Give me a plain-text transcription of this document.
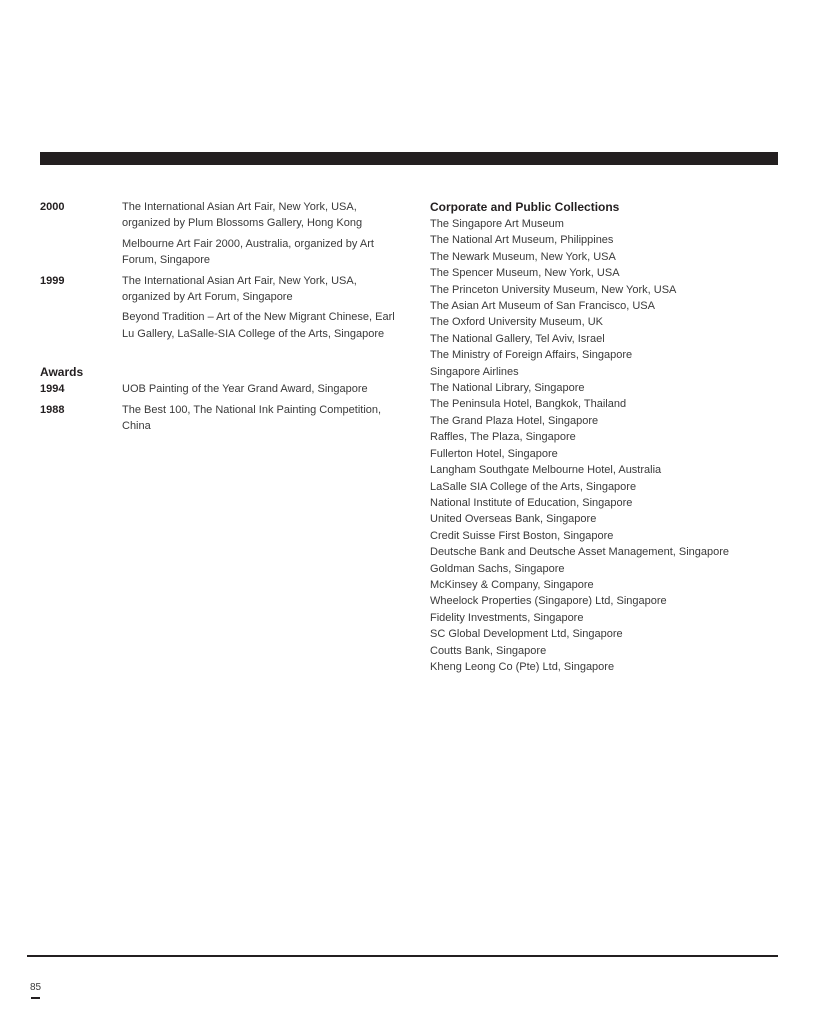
2000	The International Asian Art Fair, New York, USA, organized by Plum Blossoms Gallery, Hong Kong
Melbourne Art Fair 2000, Australia, organized by Art Forum, Singapore
1999	The International Asian Art Fair, New York, USA, organized by Art Forum, Singapore
Beyond Tradition – Art of the New Migrant Chinese, Earl Lu Gallery, LaSalle-SIA College of the Arts, Singapore
Awards
1994	UOB Painting of the Year Grand Award, Singapore
1988	The Best 100, The National Ink Painting Competition, China
Corporate and Public Collections
The Singapore Art Museum
The National Art Museum, Philippines
The Newark Museum, New York, USA
The Spencer Museum, New York, USA
The Princeton University Museum, New York, USA
The Asian Art Museum of San Francisco, USA
The Oxford University Museum, UK
The National Gallery, Tel Aviv, Israel
The Ministry of Foreign Affairs, Singapore
Singapore Airlines
The National Library, Singapore
The Peninsula Hotel, Bangkok, Thailand
The Grand Plaza Hotel, Singapore
Raffles, The Plaza, Singapore
Fullerton Hotel, Singapore
Langham Southgate Melbourne Hotel, Australia
LaSalle SIA College of the Arts, Singapore
National Institute of Education, Singapore
United Overseas Bank, Singapore
Credit Suisse First Boston, Singapore
Deutsche Bank and Deutsche Asset Management, Singapore
Goldman Sachs, Singapore
McKinsey & Company, Singapore
Wheelock Properties (Singapore) Ltd, Singapore
Fidelity Investments, Singapore
SC Global Development Ltd, Singapore
Coutts Bank, Singapore
Kheng Leong Co (Pte) Ltd, Singapore
85
